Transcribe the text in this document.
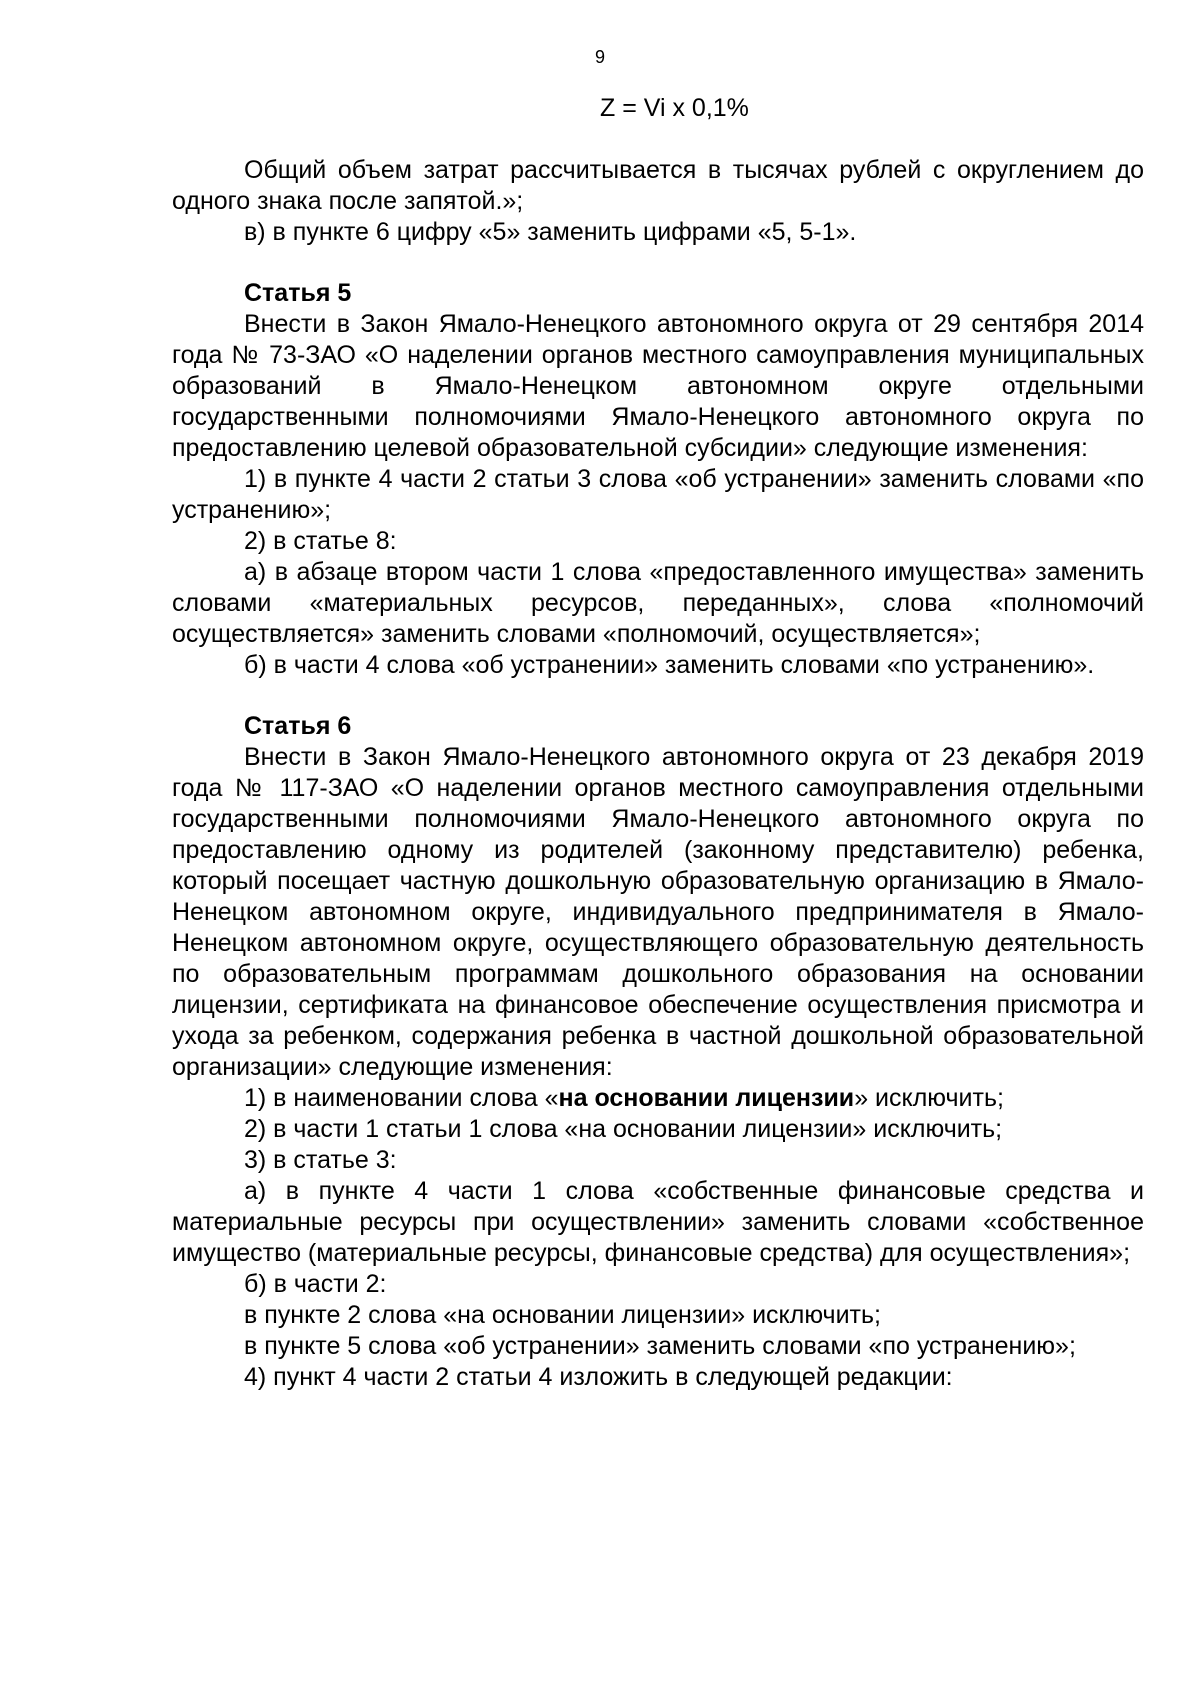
9
Z = Vi х 0,1%

Общий объем затрат рассчитывается в тысячах рублей с округлением до одного знака после запятой.»;

в) в пункте 6 цифру «5» заменить цифрами «5, 5-1».

Статья 5

Внести в Закон Ямало-Ненецкого автономного округа от 29 сентября 2014 года № 73-ЗАО «О наделении органов местного самоуправления муниципальных образований в Ямало-Ненецком автономном округе отдельными государственными полномочиями Ямало-Ненецкого автономного округа по предоставлению целевой образовательной субсидии» следующие изменения:

1) в пункте 4 части 2 статьи 3 слова «об устранении» заменить словами «по устранению»;

2) в статье 8:

а) в абзаце втором части 1 слова «предоставленного имущества» заменить словами «материальных ресурсов, переданных», слова «полномочий осуществляется» заменить словами «полномочий, осуществляется»;

б) в части 4 слова «об устранении» заменить словами «по устранению».

Статья 6

Внести в Закон Ямало-Ненецкого автономного округа от 23 декабря 2019 года № 117-ЗАО «О наделении органов местного самоуправления отдельными государственными полномочиями Ямало-Ненецкого автономного округа по предоставлению одному из родителей (законному представителю) ребенка, который посещает частную дошкольную образовательную организацию в Ямало-Ненецком автономном округе, индивидуального предпринимателя в Ямало-Ненецком автономном округе, осуществляющего образовательную деятельность по образовательным программам дошкольного образования на основании лицензии, сертификата на финансовое обеспечение осуществления присмотра и ухода за ребенком, содержания ребенка в частной дошкольной образовательной организации» следующие изменения:

1) в наименовании слова «на основании лицензии» исключить;

2) в части 1 статьи 1 слова «на основании лицензии» исключить;

3) в статье 3:

а) в пункте 4 части 1 слова «собственные финансовые средства и материальные ресурсы при осуществлении» заменить словами «собственное имущество (материальные ресурсы, финансовые средства) для осуществления»;

б) в части 2:

в пункте 2 слова «на основании лицензии» исключить;

в пункте 5 слова «об устранении» заменить словами «по устранению»;

4) пункт 4 части 2 статьи 4 изложить в следующей редакции:
